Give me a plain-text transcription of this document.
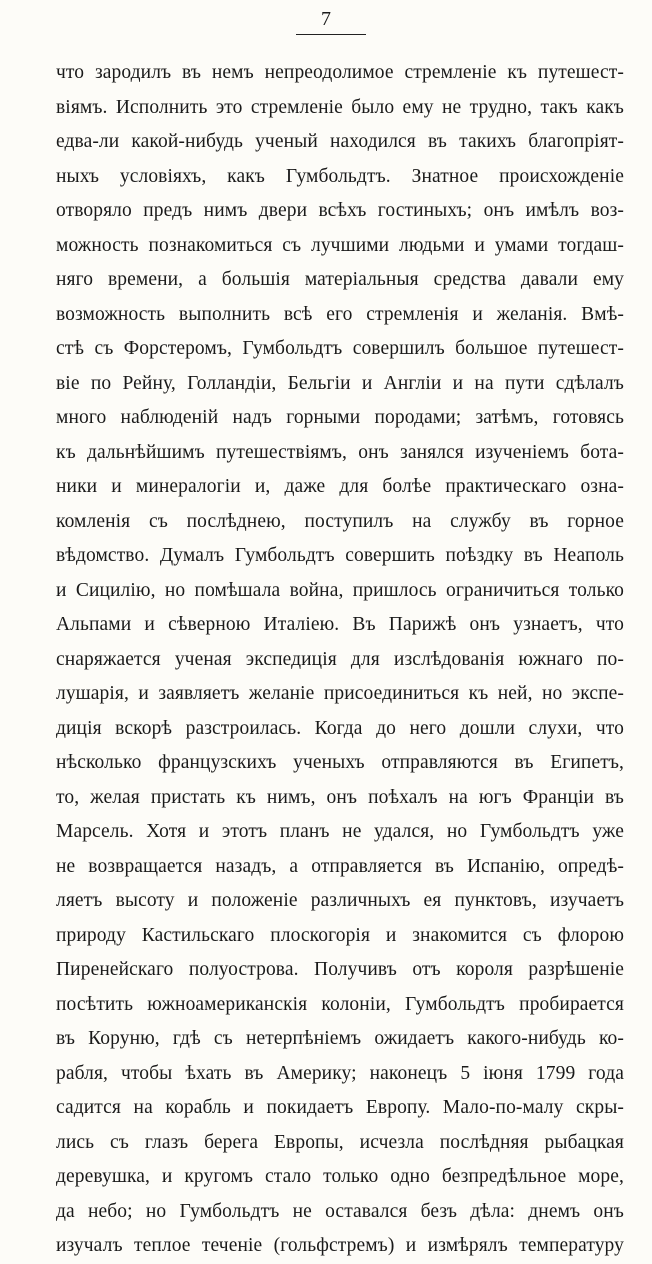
7
что зародилъ въ немъ непреодолимое стремленіе къ путешест-
віямъ. Исполнить это стремленіе было ему не трудно, такъ какъ
едва-ли какой-нибудь ученый находился въ такихъ благопріят-
ныхъ условіяхъ, какъ Гумбольдтъ. Знатное происхожденіе
отворяло предъ нимъ двери всѣхъ гостиныхъ; онъ имѣлъ воз-
можность познакомиться съ лучшими людьми и умами тогдаш-
няго времени, а большія матеріальныя средства давали ему
возможность выполнить всѣ его стремленія и желанія. Вмѣ-
стѣ съ Форстеромъ, Гумбольдтъ совершилъ большое путешест-
віе по Рейну, Голландіи, Бельгіи и Англіи и на пути сдѣлалъ
много наблюденій надъ горными породами; затѣмъ, готовясь
къ дальнѣйшимъ путешествіямъ, онъ занялся изученіемъ бота-
ники и минералогіи и, даже для болѣе практическаго озна-
комленія съ послѣднею, поступилъ на службу въ горное
вѣдомство. Думалъ Гумбольдтъ совершить поѣздку въ Неаполь
и Сицилію, но помѣшала война, пришлось ограничиться только
Альпами и сѣверною Италіею. Въ Парижѣ онъ узнаетъ, что
снаряжается ученая экспедиція для изслѣдованія южнаго по-
лушарія, и заявляетъ желаніе присоединиться къ ней, но экспе-
диція вскорѣ разстроилась. Когда до него дошли слухи, что
нѣсколько французскихъ ученыхъ отправляются въ Египетъ,
то, желая пристать къ нимъ, онъ поѣхалъ на югъ Франціи въ
Марсель. Хотя и этотъ планъ не удался, но Гумбольдтъ уже
не возвращается назадъ, а отправляется въ Испанію, опредѣ-
ляетъ высоту и положеніе различныхъ ея пунктовъ, изучаетъ
природу Кастильскаго плоскогорія и знакомится съ флорою
Пиренейскаго полуострова. Получивъ отъ короля разрѣшеніе
посѣтить южноамериканскія колоніи, Гумбольдтъ пробирается
въ Коруню, гдѣ съ нетерпѣніемъ ожидаетъ какого-нибудь ко-
рабля, чтобы ѣхать въ Америку; наконецъ 5 іюня 1799 года
садится на корабль и покидаетъ Европу. Мало-по-малу скры-
лись съ глазъ берега Европы, исчезла послѣдняя рыбацкая
деревушка, и кругомъ стало только одно безпредѣльное море,
да небо; но Гумбольдтъ не оставался безъ дѣла: днемъ онъ
изучалъ теплое теченіе (гольфстремъ) и измѣрялъ температуру
